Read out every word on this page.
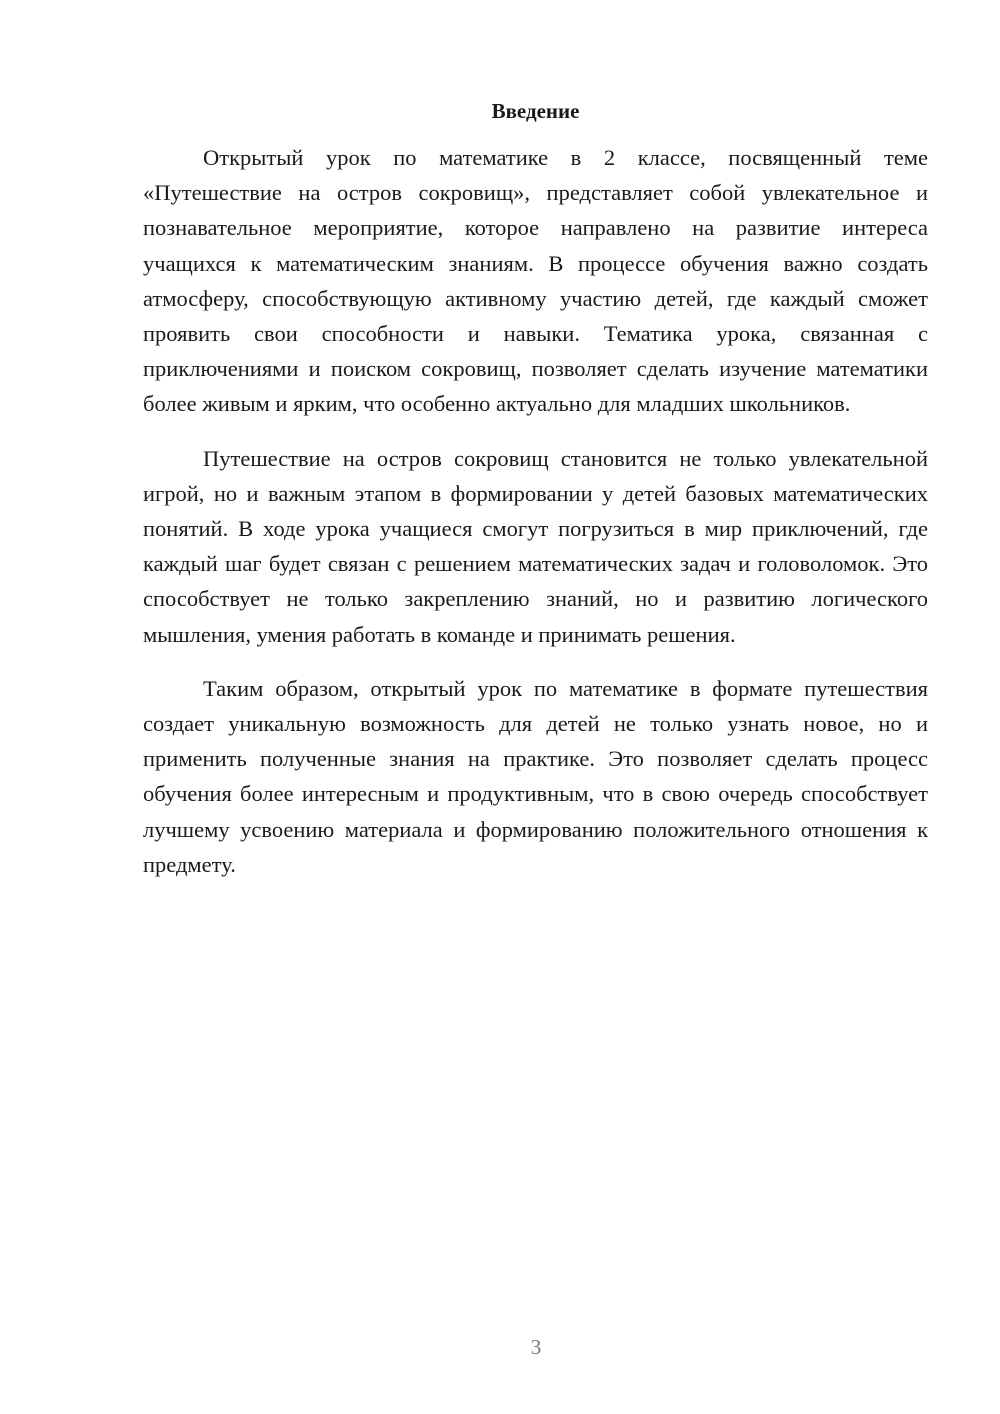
Введение

Открытый урок по математике в 2 классе, посвященный теме «Путешествие на остров сокровищ», представляет собой увлекательное и познавательное мероприятие, которое направлено на развитие интереса учащихся к математическим знаниям. В процессе обучения важно создать атмосферу, способствующую активному участию детей, где каждый сможет проявить свои способности и навыки. Тематика урока, связанная с приключениями и поиском сокровищ, позволяет сделать изучение математики более живым и ярким, что особенно актуально для младших школьников.

Путешествие на остров сокровищ становится не только увлекательной игрой, но и важным этапом в формировании у детей базовых математических понятий. В ходе урока учащиеся смогут погрузиться в мир приключений, где каждый шаг будет связан с решением математических задач и головоломок. Это способствует не только закреплению знаний, но и развитию логического мышления, умения работать в команде и принимать решения.

Таким образом, открытый урок по математике в формате путешествия создает уникальную возможность для детей не только узнать новое, но и применить полученные знания на практике. Это позволяет сделать процесс обучения более интересным и продуктивным, что в свою очередь способствует лучшему усвоению материала и формированию положительного отношения к предмету.

3
